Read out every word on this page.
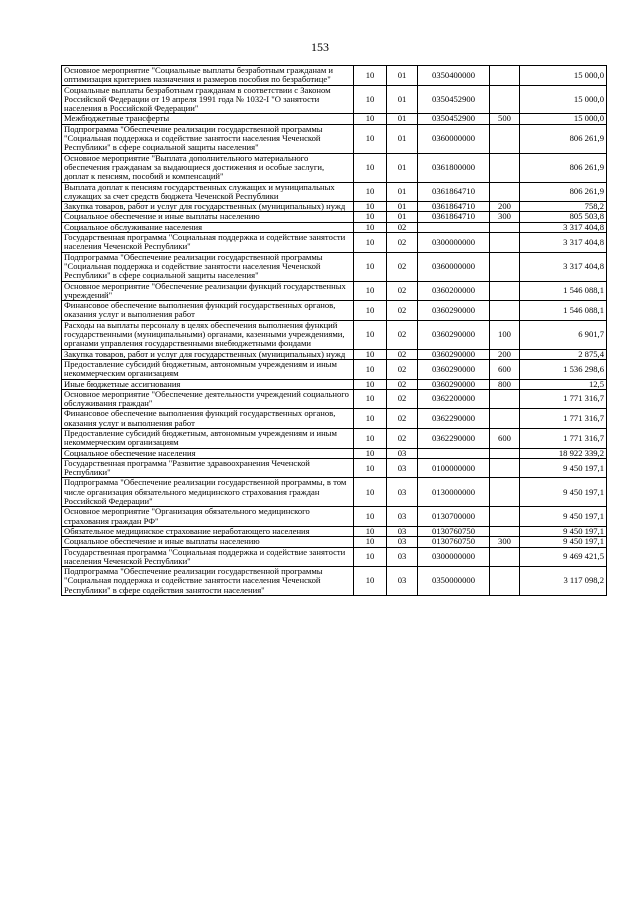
153
Основное мероприятие "Социальные выплаты безработным гражданам и оптимизация критериев назначения и размеров пособия по безработице"	10	01	0350400000		15 000,0
Социальные выплаты безработным гражданам в соответствии с Законом Российской Федерации от 19 апреля 1991 года № 1032-I "О занятости населения в Российской Федерации"	10	01	0350452900		15 000,0
Межбюджетные трансферты	10	01	0350452900	500	15 000,0
Подпрограмма "Обеспечение реализации государственной программы "Социальная поддержка и содействие занятости населения Чеченской Республики" в сфере социальной защиты населения"	10	01	0360000000		806 261,9
Основное мероприятие "Выплата дополнительного материального обеспечения гражданам за выдающиеся достижения и особые заслуги, доплат к пенсиям, пособий и компенсаций"	10	01	0361800000		806 261,9
Выплата доплат к пенсиям государственных служащих и муниципальных служащих за счет средств бюджета Чеченской Республики	10	01	0361864710		806 261,9
Закупка товаров, работ и услуг для государственных (муниципальных) нужд	10	01	0361864710	200	758,2
Социальное обеспечение и иные выплаты населению	10	01	0361864710	300	805 503,8
Социальное обслуживание населения	10	02			3 317 404,8
Государственная программа "Социальная поддержка и содействие занятости населения Чеченской Республики"	10	02	0300000000		3 317 404,8
Подпрограмма "Обеспечение реализации государственной программы "Социальная поддержка и содействие занятости населения Чеченской Республики" в сфере социальной защиты населения"	10	02	0360000000		3 317 404,8
Основное мероприятие "Обеспечение реализации функций государственных учреждений"	10	02	0360200000		1 546 088,1
Финансовое обеспечение выполнения функций государственных органов, оказания услуг и выполнения работ	10	02	0360290000		1 546 088,1
Расходы на выплаты персоналу в целях обеспечения выполнения функций государственными (муниципальными) органами, казенными учреждениями, органами управления государственными внебюджетными фондами	10	02	0360290000	100	6 901,7
Закупка товаров, работ и услуг для государственных (муниципальных) нужд	10	02	0360290000	200	2 875,4
Предоставление субсидий бюджетным, автономным учреждениям и иным некоммерческим организациям	10	02	0360290000	600	1 536 298,6
Иные бюджетные ассигнования	10	02	0360290000	800	12,5
Основное мероприятие "Обеспечение деятельности учреждений социального обслуживания граждан"	10	02	0362200000		1 771 316,7
Финансовое обеспечение выполнения функций государственных органов, оказания услуг и выполнения работ	10	02	0362290000		1 771 316,7
Предоставление субсидий бюджетным, автономным учреждениям и иным некоммерческим организациям	10	02	0362290000	600	1 771 316,7
Социальное обеспечение населения	10	03			18 922 339,2
Государственная программа "Развитие здравоохранения Чеченской Республики"	10	03	0100000000		9 450 197,1
Подпрограмма "Обеспечение реализации государственной программы, в том числе организация обязательного медицинского страхования граждан Российской Федерации"	10	03	0130000000		9 450 197,1
Основное мероприятие "Организация обязательного медицинского страхования граждан РФ"	10	03	0130700000		9 450 197,1
Обязательное медицинское страхование неработающего населения	10	03	0130760750		9 450 197,1
Социальное обеспечение и иные выплаты населению	10	03	0130760750	300	9 450 197,1
Государственная программа "Социальная поддержка и содействие занятости населения Чеченской Республики"	10	03	0300000000		9 469 421,5
Подпрограмма "Обеспечение реализации государственной программы "Социальная поддержка и содействие занятости населения Чеченской Республики" в сфере содействия занятости населения"	10	03	0350000000		3 117 098,2
